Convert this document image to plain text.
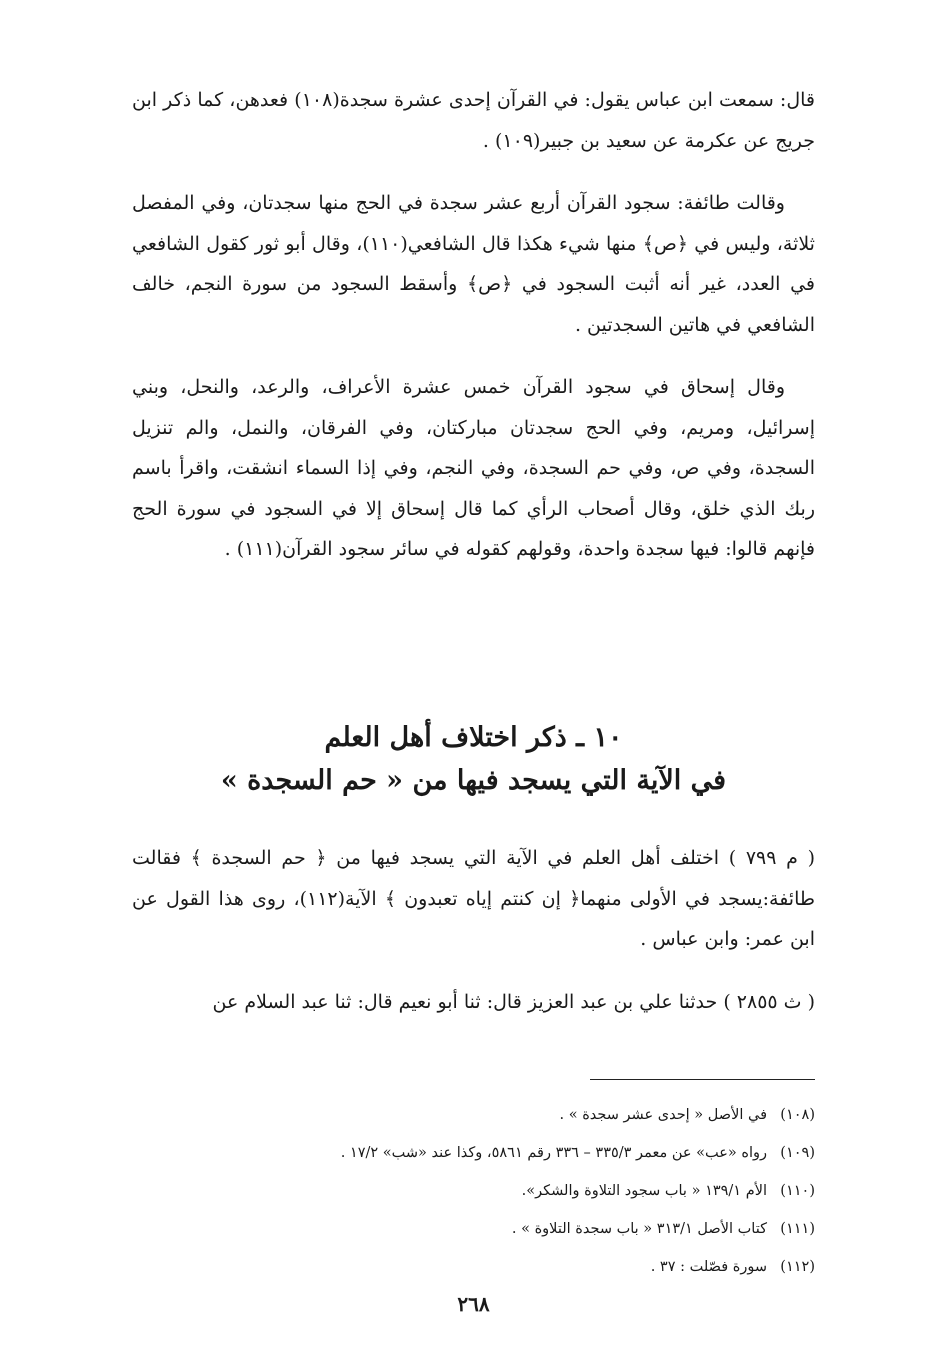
قال: سمعت ابن عباس يقول: في القرآن إحدى عشرة سجدة(١٠٨) فعدهن، كما ذكر ابن جريج عن عكرمة عن سعيد بن جبير(١٠٩) .

وقالت طائفة: سجود القرآن أربع عشر سجدة في الحج منها سجدتان، وفي المفصل ثلاثة، وليس في ﴿ص﴾ منها شيء هكذا قال الشافعي(١١٠)، وقال أبو ثور كقول الشافعي في العدد، غير أنه أثبت السجود في ﴿ص﴾ وأسقط السجود من سورة النجم، خالف الشافعي في هاتين السجدتين .

وقال إسحاق في سجود القرآن خمس عشرة الأعراف، والرعد، والنحل، وبني إسرائيل، ومريم، وفي الحج سجدتان مباركتان، وفي الفرقان، والنمل، والم تنزيل السجدة، وفي ص، وفي حم السجدة، وفي النجم، وفي إذا السماء انشقت، واقرأ باسم ربك الذي خلق، وقال أصحاب الرأي كما قال إسحاق إلا في السجود في سورة الحج فإنهم قالوا: فيها سجدة واحدة، وقولهم كقوله في سائر سجود القرآن(١١١) .

١٠ ـ ذكر اختلاف أهل العلم
في الآية التي يسجد فيها من « حم السجدة »

( م ٧٩٩ ) اختلف أهل العلم في الآية التي يسجد فيها من ﴿ حم السجدة ﴾ فقالت طائفة:يسجد في الأولى منهما﴿ إن كنتم إياه تعبدون ﴾ الآية(١١٢)، روى هذا القول عن ابن عمر: وابن عباس .

( ث ٢٨٥٥ ) حدثنا علي بن عبد العزيز قال: ثنا أبو نعيم قال: ثنا عبد السلام عن

(١٠٨)
في الأصل « إحدى عشر سجدة » .
(١٠٩)
رواه «عب» عن معمر ٣٣٥/٣ – ٣٣٦ رقم ٥٨٦١، وكذا عند «شب» ١٧/٢ .
(١١٠)
الأم ١٣٩/١ « باب سجود التلاوة والشكر».
(١١١)
كتاب الأصل ٣١٣/١ « باب سجدة التلاوة » .
(١١٢)
سورة فصّلت : ٣٧ .
٢٦٨
